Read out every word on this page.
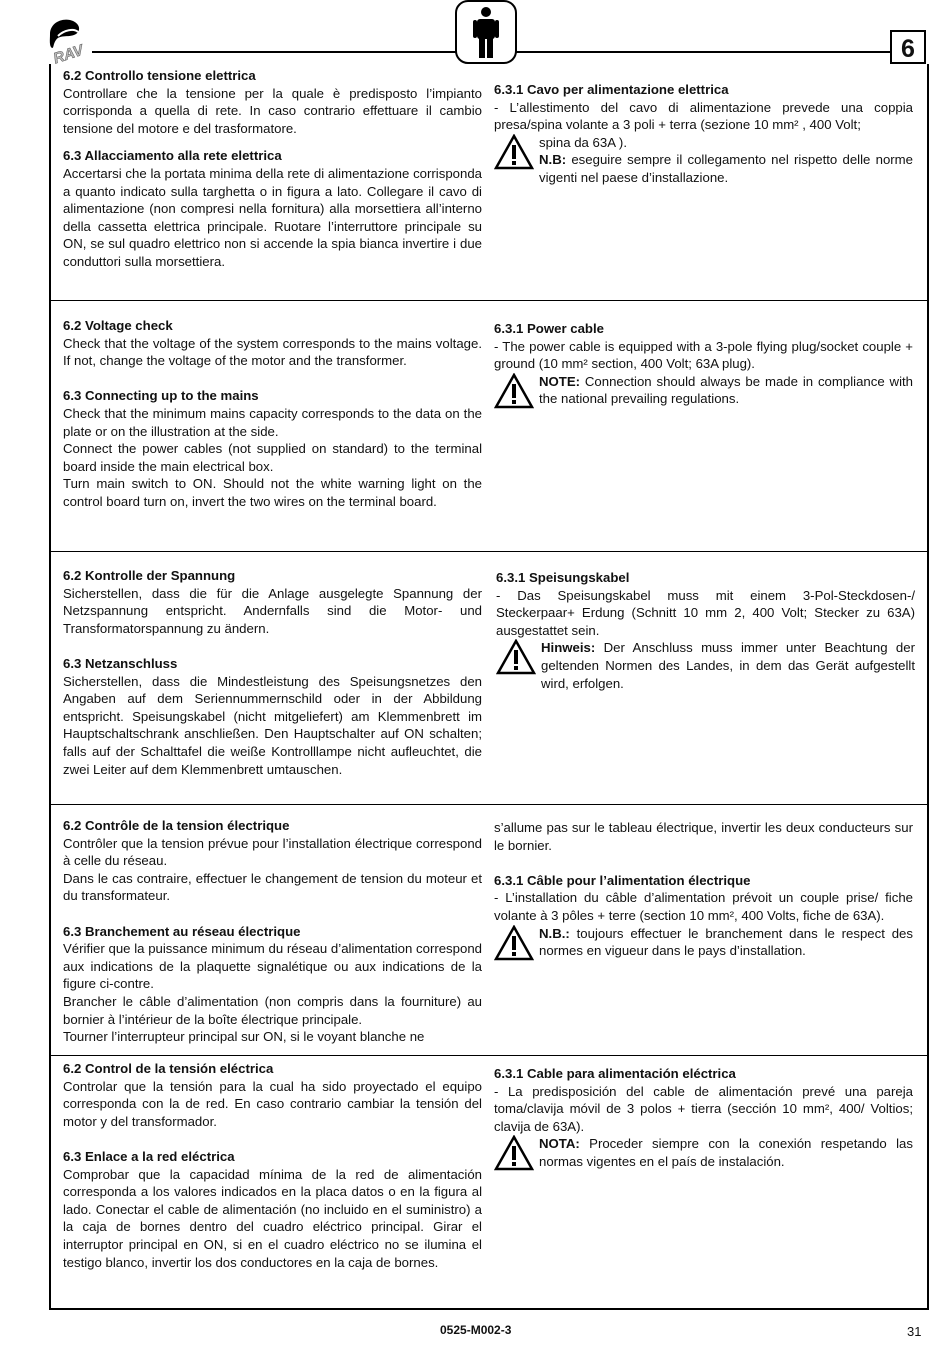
RAV	6
6.2 Controllo tensione elettrica

Controllare che la tensione per la quale è predisposto l’impianto corrisponda a quella di rete. In caso contrario effettuare il cambio tensione del motore e del trasformatore.

6.3 Allacciamento alla rete elettrica

Accertarsi che la portata minima della rete di alimentazione corrisponda a quanto indicato sulla targhetta o in figura a lato. Collegare il cavo di alimentazione (non compresi nella fornitura) alla morsettiera all’interno della cassetta elettrica principale. Ruotare l’interruttore principale su ON, se sul quadro elettrico non si accende la spia bianca invertire i due conduttori sulla morsettiera.

6.3.1 Cavo per alimentazione elettrica

- L’allestimento del cavo di alimentazione prevede una coppia presa/spina volante a 3 poli + terra (sezione 10 mm² , 400 Volt;

spina da 63A ).

N.B: eseguire sempre il collegamento nel rispetto delle norme vigenti nel paese d’installazione.

6.2 Voltage check

Check that the voltage of the system corresponds to the mains voltage. If not, change the voltage of the motor and the transformer.

6.3 Connecting up to the mains

Check that the minimum mains capacity corresponds to the data on the plate or on the illustration at the side.

Connect the power cables (not supplied on standard) to the terminal board inside the main electrical box.

Turn main switch to ON. Should not the white warning light on the control board turn on, invert the two wires on the terminal board.

6.3.1 Power cable

- The power cable is equipped with a 3-pole flying plug/socket couple + ground (10 mm² section, 400 Volt; 63A plug).

NOTE: Connection should always be made in compliance with the national prevailing regulations.

6.2 Kontrolle der Spannung

Sicherstellen, dass die für die Anlage ausgelegte Spannung der Netzspannung entspricht. Andernfalls sind die Motor- und Transformatorspannung zu ändern.

6.3 Netzanschluss

Sicherstellen, dass die Mindestleistung des Speisungsnetzes den Angaben auf dem Seriennummernschild oder in der Abbildung entspricht. Speisungskabel (nicht mitgeliefert) am Klemmenbrett im Hauptschaltschrank anschließen. Den Hauptschalter auf ON schalten; falls auf der Schalttafel die weiße Kontrolllampe nicht aufleuchtet, die zwei Leiter auf dem Klemmenbrett umtauschen.

6.3.1 Speisungskabel

- Das Speisungskabel muss mit einem 3-Pol-Steckdosen-/ Steckerpaar+ Erdung (Schnitt 10 mm 2, 400 Volt; Stecker zu 63A) ausgestattet sein.

Hinweis: Der Anschluss muss immer unter Beachtung der geltenden Normen des Landes, in dem das Gerät aufgestellt wird, erfolgen.

6.2 Contrôle de la tension électrique

Contrôler que la tension prévue pour l’installation électrique correspond à celle du réseau.

Dans le cas contraire, effectuer le changement de tension du moteur et du transformateur.

6.3 Branchement au réseau électrique

Vérifier que la puissance minimum du réseau d’alimentation correspond aux indications de la plaquette signalétique ou aux indications de la figure ci-contre.

Brancher le câble d’alimentation (non compris dans la fourniture) au bornier à l’intérieur de la boîte électrique principale.

Tourner l’interrupteur principal sur ON, si le voyant blanche ne

s’allume pas sur le tableau électrique, invertir les deux conducteurs sur le bornier.

6.3.1 Câble pour l’alimentation électrique

- L’installation du câble d’alimentation prévoit un couple prise/ fiche volante à 3 pôles + terre (section 10 mm², 400 Volts, fiche de 63A).

N.B.: toujours effectuer le branchement dans le respect des normes en vigueur dans le pays d’installation.

6.2 Control de la tensión eléctrica

Controlar que la tensión para la cual ha sido proyectado el equipo corresponda con la de red. En caso contrario cambiar la tensión del motor y del transformador.

6.3 Enlace a la red eléctrica

Comprobar que la capacidad mínima de la red de alimentación corresponda a los valores indicados en la placa datos o en la figura al lado. Conectar el cable de alimentación (no incluido en el suministro) a la caja de bornes dentro del cuadro eléctrico principal. Girar el interruptor principal en ON, si en el cuadro eléctrico no se ilumina el testigo blanco, invertir los dos conductores en la caja de bornes.

6.3.1 Cable para alimentación eléctrica

- La predisposición del cable de alimentación prevé una pareja toma/clavija móvil de 3 polos + tierra (sección 10 mm², 400/ Voltios; clavija de 63A).

NOTA: Proceder siempre con la conexión respetando las normas vigentes en el país de instalación.

0525-M002-3	31
